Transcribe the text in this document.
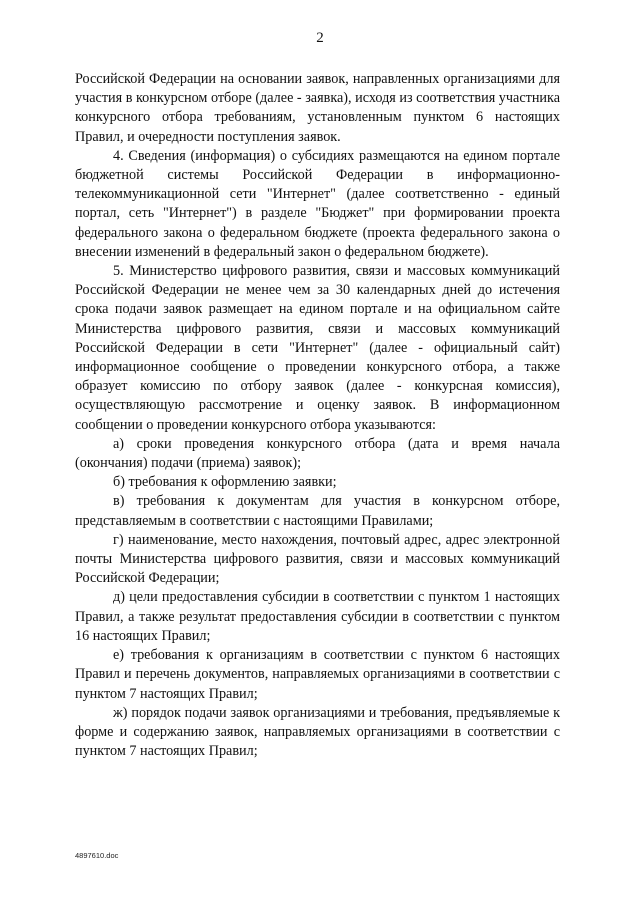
2

Российской Федерации на основании заявок, направленных организациями для участия в конкурсном отборе (далее - заявка), исходя из соответствия участника конкурсного отбора требованиям, установленным пунктом 6 настоящих Правил, и очередности поступления заявок.

4. Сведения (информация) о субсидиях размещаются на едином портале бюджетной системы Российской Федерации в информационно-телекоммуникационной сети "Интернет" (далее соответственно - единый портал, сеть "Интернет") в разделе "Бюджет" при формировании проекта федерального закона о федеральном бюджете (проекта федерального закона о внесении изменений в федеральный закон о федеральном бюджете).

5. Министерство цифрового развития, связи и массовых коммуникаций Российской Федерации не менее чем за 30 календарных дней до истечения срока подачи заявок размещает на едином портале и на официальном сайте Министерства цифрового развития, связи и массовых коммуникаций Российской Федерации в сети "Интернет" (далее - официальный сайт) информационное сообщение о проведении конкурсного отбора, а также образует комиссию по отбору заявок (далее - конкурсная комиссия), осуществляющую рассмотрение и оценку заявок. В информационном сообщении о проведении конкурсного отбора указываются:

а) сроки проведения конкурсного отбора (дата и время начала (окончания) подачи (приема) заявок);

б) требования к оформлению заявки;

в) требования к документам для участия в конкурсном отборе, представляемым в соответствии с настоящими Правилами;

г) наименование, место нахождения, почтовый адрес, адрес электронной почты Министерства цифрового развития, связи и массовых коммуникаций Российской Федерации;

д) цели предоставления субсидии в соответствии с пунктом 1 настоящих Правил, а также результат предоставления субсидии в соответствии с пунктом 16 настоящих Правил;

е) требования к организациям в соответствии с пунктом 6 настоящих Правил и перечень документов, направляемых организациями в соответствии с пунктом 7 настоящих Правил;

ж) порядок подачи заявок организациями и требования, предъявляемые к форме и содержанию заявок, направляемых организациями в соответствии с пунктом 7 настоящих Правил;

4897610.doc
